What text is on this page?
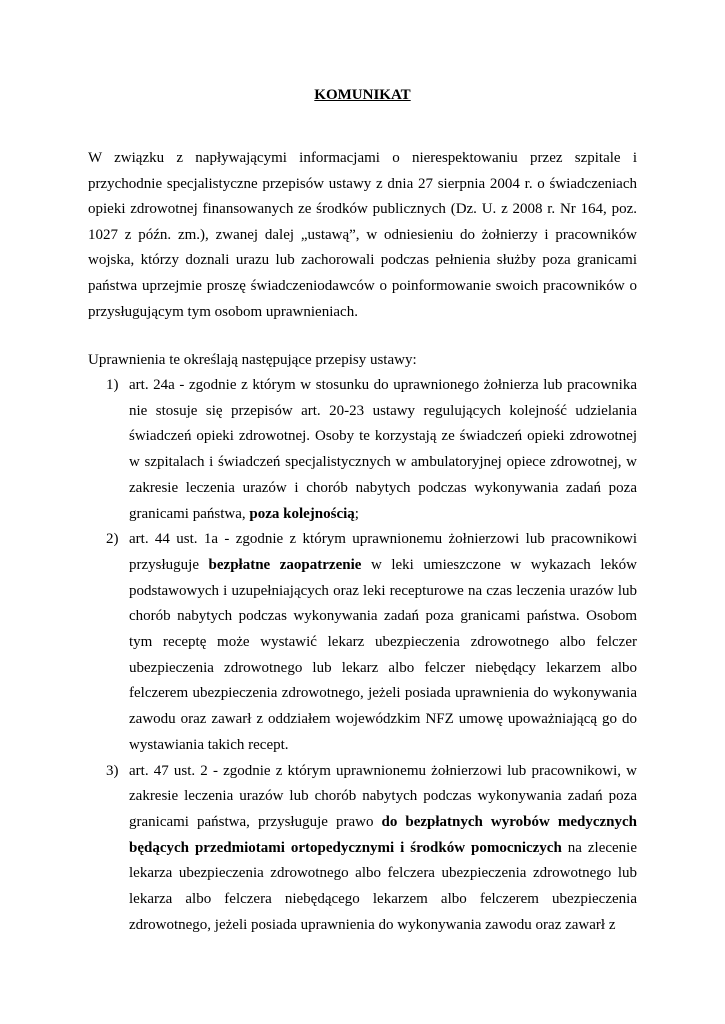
KOMUNIKAT

W związku z napływającymi informacjami o nierespektowaniu przez szpitale i przychodnie specjalistyczne przepisów ustawy z dnia 27 sierpnia 2004 r. o świadczeniach opieki zdrowotnej finansowanych ze środków publicznych (Dz. U. z 2008 r. Nr 164, poz. 1027 z późn. zm.), zwanej dalej „ustawą”, w odniesieniu do żołnierzy i pracowników wojska, którzy doznali urazu lub zachorowali podczas pełnienia służby poza granicami państwa uprzejmie proszę świadczeniodawców o poinformowanie swoich pracowników o przysługującym tym osobom uprawnieniach.

Uprawnienia te określają następujące przepisy ustawy:

1) art. 24a - zgodnie z którym w stosunku do uprawnionego żołnierza lub pracownika nie stosuje się przepisów art. 20-23 ustawy regulujących kolejność udzielania świadczeń opieki zdrowotnej. Osoby te korzystają ze świadczeń opieki zdrowotnej w szpitalach i świadczeń specjalistycznych w ambulatoryjnej opiece zdrowotnej, w zakresie leczenia urazów i chorób nabytych podczas wykonywania zadań poza granicami państwa, poza kolejnością;
2) art. 44 ust. 1a - zgodnie z którym uprawnionemu żołnierzowi lub pracownikowi przysługuje bezpłatne zaopatrzenie w leki umieszczone w wykazach leków podstawowych i uzupełniających oraz leki recepturowe na czas leczenia urazów lub chorób nabytych podczas wykonywania zadań poza granicami państwa. Osobom tym receptę może wystawić lekarz ubezpieczenia zdrowotnego albo felczer ubezpieczenia zdrowotnego lub lekarz albo felczer niebędący lekarzem albo felczerem ubezpieczenia zdrowotnego, jeżeli posiada uprawnienia do wykonywania zawodu oraz zawarł z oddziałem wojewódzkim NFZ umowę upoważniającą go do wystawiania takich recept.
3) art. 47 ust. 2 - zgodnie z którym uprawnionemu żołnierzowi lub pracownikowi, w zakresie leczenia urazów lub chorób nabytych podczas wykonywania zadań poza granicami państwa, przysługuje prawo do bezpłatnych wyrobów medycznych będących przedmiotami ortopedycznymi i środków pomocniczych na zlecenie lekarza ubezpieczenia zdrowotnego albo felczera ubezpieczenia zdrowotnego lub lekarza albo felczera niebędącego lekarzem albo felczerem ubezpieczenia zdrowotnego, jeżeli posiada uprawnienia do wykonywania zawodu oraz zawarł z
